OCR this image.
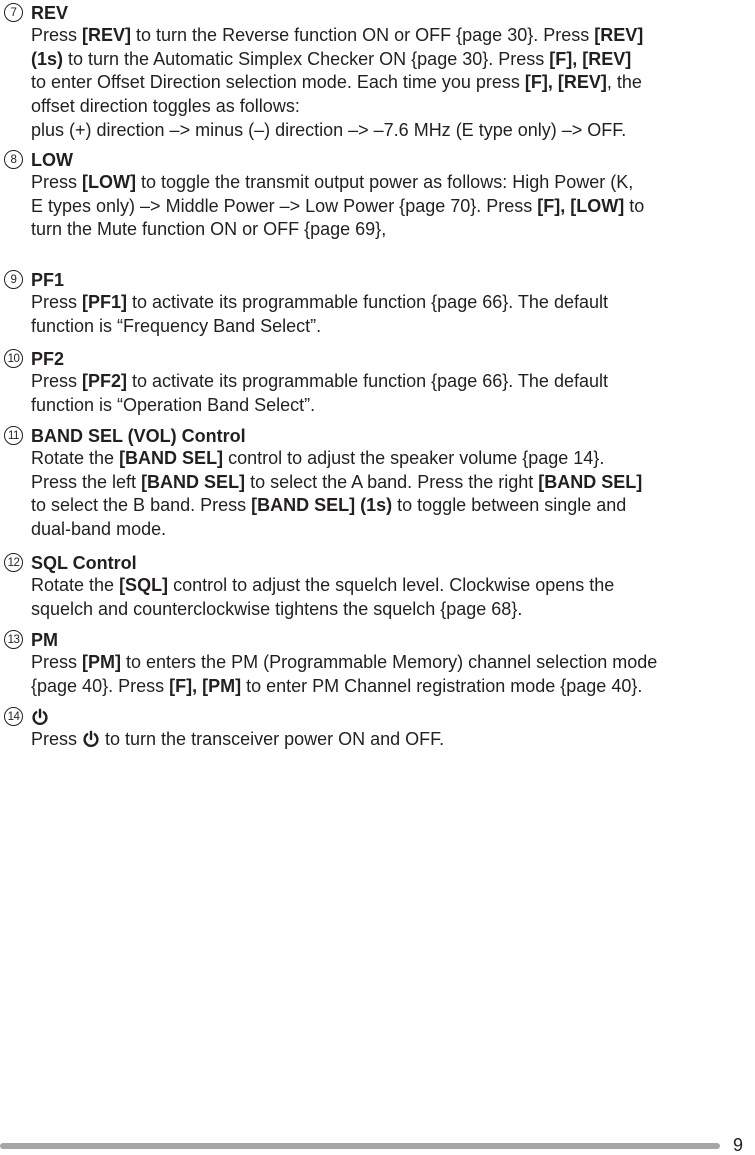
7 REV

Press [REV] to turn the Reverse function ON or OFF {page 30}. Press [REV]
(1s) to turn the Automatic Simplex Checker ON {page 30}. Press [F], [REV]
to enter Offset Direction selection mode. Each time you press [F], [REV], the
offset direction toggles as follows:
plus (+) direction –> minus (–) direction –> –7.6 MHz (E type only) –> OFF.

8 LOW

Press [LOW] to toggle the transmit output power as follows: High Power (K,
E types only) –> Middle Power –> Low Power {page 70}. Press [F], [LOW] to
turn the Mute function ON or OFF {page 69},

9 PF1

Press [PF1] to activate its programmable function {page 66}. The default
function is “Frequency Band Select”.

10 PF2

Press [PF2] to activate its programmable function {page 66}. The default
function is “Operation Band Select”.

11 BAND SEL (VOL) Control

Rotate the [BAND SEL] control to adjust the speaker volume {page 14}.
Press the left [BAND SEL] to select the A band. Press the right [BAND SEL]
to select the B band. Press [BAND SEL] (1s) to toggle between single and
dual-band mode.

12 SQL Control

Rotate the [SQL] control to adjust the squelch level. Clockwise opens the
squelch and counterclockwise tightens the squelch {page 68}.

13 PM

Press [PM] to enters the PM (Programmable Memory) channel selection mode
{page 40}. Press [F], [PM] to enter PM Channel registration mode {page 40}.

14

Press
to turn the transceiver power ON and OFF.

9
